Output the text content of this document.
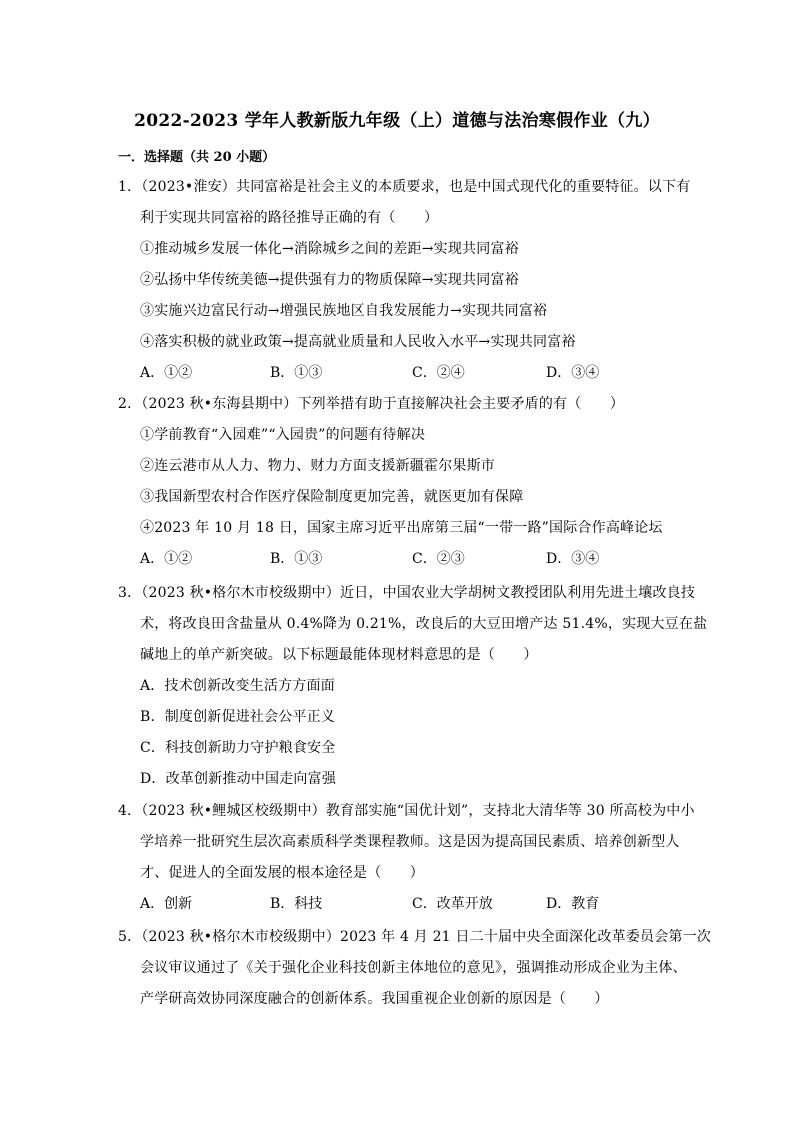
2022-2023 学年人教新版九年级（上）道德与法治寒假作业（九）
一．选择题（共 20 小题）
1．（2023•淮安）共同富裕是社会主义的本质要求，也是中国式现代化的重要特征。以下有
利于实现共同富裕的路径推导正确的有（　　）
①推动城乡发展一体化→消除城乡之间的差距→实现共同富裕
②弘扬中华传统美德→提供强有力的物质保障→实现共同富裕
③实施兴边富民行动→增强民族地区自我发展能力→实现共同富裕
④落实积极的就业政策→提高就业质量和人民收入水平→实现共同富裕
A．①②	B．①③	C．②④	D．③④
2．（2023 秋•东海县期中）下列举措有助于直接解决社会主要矛盾的有（　　）
①学前教育“入园难”“入园贵”的问题有待解决
②连云港市从人力、物力、财力方面支援新疆霍尔果斯市
③我国新型农村合作医疗保险制度更加完善，就医更加有保障
④2023 年 10 月 18 日，国家主席习近平出席第三届“一带一路”国际合作高峰论坛
A．①②	B．①③	C．②③	D．③④
3．（2023 秋•格尔木市校级期中）近日，中国农业大学胡树文教授团队利用先进土壤改良技
术，将改良田含盐量从 0.4%降为 0.21%，改良后的大豆田增产达 51.4%，实现大豆在盐
碱地上的单产新突破。以下标题最能体现材料意思的是（　　）
A．技术创新改变生活方方面面
B．制度创新促进社会公平正义
C．科技创新助力守护粮食安全
D．改革创新推动中国走向富强
4．（2023 秋•鲤城区校级期中）教育部实施“国优计划”，支持北大清华等 30 所高校为中小
学培养一批研究生层次高素质科学类课程教师。这是因为提高国民素质、培养创新型人
才、促进人的全面发展的根本途径是（　　）
A．创新	B．科技	C．改革开放	D．教育
5．（2023 秋•格尔木市校级期中）2023 年 4 月 21 日二十届中央全面深化改革委员会第一次
会议审议通过了《关于强化企业科技创新主体地位的意见》，强调推动形成企业为主体、
产学研高效协同深度融合的创新体系。我国重视企业创新的原因是（　　）
